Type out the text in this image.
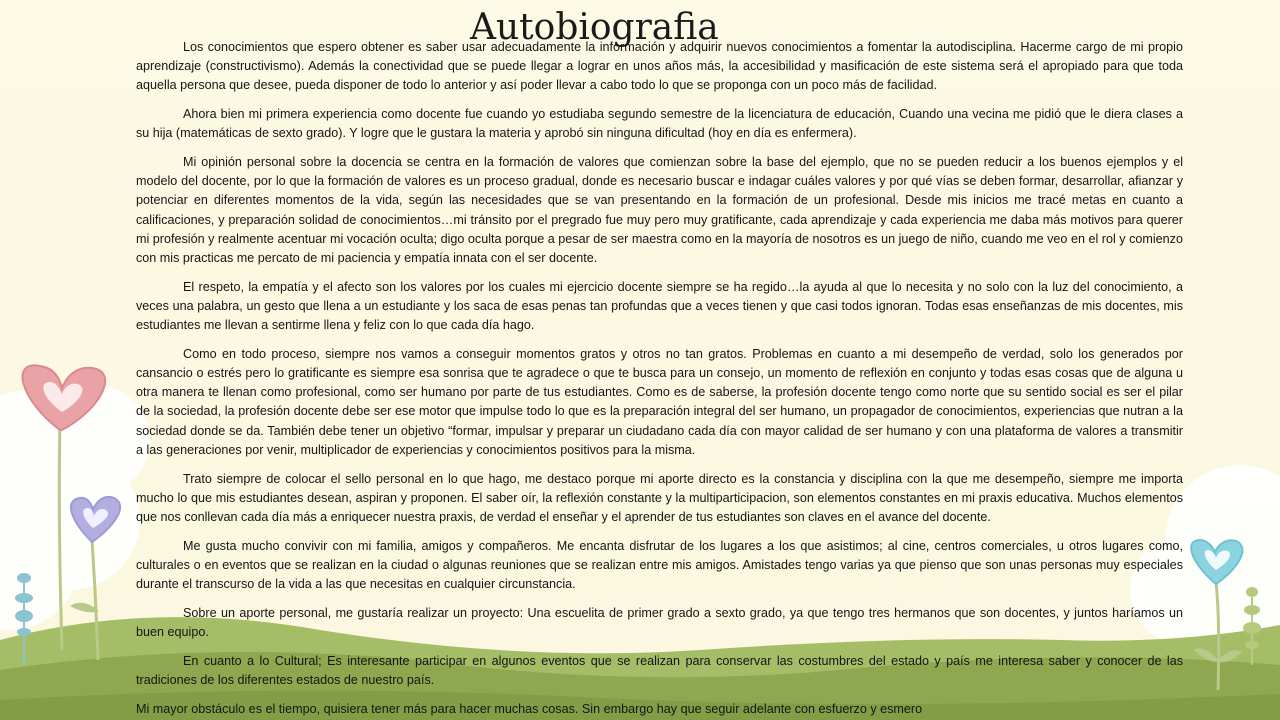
Autobiografia

Los conocimientos que espero obtener es saber usar adecuadamente la información y adquirir nuevos conocimientos a fomentar la autodisciplina. Hacerme cargo de mi propio aprendizaje (constructivismo). Además la conectividad que se puede llegar a lograr en unos años más, la accesibilidad y masificación de este sistema será el apropiado para que toda aquella persona que desee, pueda disponer de todo lo anterior y así poder llevar a cabo todo lo que se proponga con un poco más de facilidad.

Ahora bien mi primera experiencia como docente fue cuando yo estudiaba segundo semestre de la licenciatura de educación, Cuando una vecina me pidió que le diera clases a su hija (matemáticas de sexto grado). Y logre que le gustara la materia y aprobó sin ninguna dificultad (hoy en día es enfermera).

Mi opinión personal sobre la docencia se centra en la formación de valores que comienzan sobre la base del ejemplo, que no se pueden reducir a los buenos ejemplos y el modelo del docente, por lo que la formación de valores es un proceso gradual, donde es necesario buscar e indagar cuáles valores y por qué vías se deben formar, desarrollar, afianzar y potenciar en diferentes momentos de la vida, según las necesidades que se van presentando en la formación de un profesional. Desde mis inicios me tracé metas en cuanto a calificaciones, y preparación solidad de conocimientos…mi tránsito por el pregrado fue muy pero muy gratificante, cada aprendizaje y cada experiencia me daba más motivos para querer mi profesión y realmente acentuar mi vocación oculta; digo oculta porque a pesar de ser maestra como en la mayoría de nosotros es un juego de niño, cuando me veo en el rol y comienzo con mis practicas me percato de mi paciencia y empatía innata con el ser docente.

El respeto, la empatía y el afecto son los valores por los cuales mi ejercicio docente siempre se ha regido…la ayuda al que lo necesita y no solo con la luz del conocimiento, a veces una palabra, un gesto que llena a un estudiante y los saca de esas penas tan profundas que a veces tienen y que casi todos ignoran. Todas esas enseñanzas de mis docentes, mis estudiantes me llevan a sentirme llena y feliz con lo que cada día hago.

Como en todo proceso, siempre nos vamos a conseguir momentos gratos y otros no tan gratos. Problemas en cuanto a mi desempeño de verdad, solo los generados por cansancio o estrés pero lo gratificante es siempre esa sonrisa que te agradece o que te busca para un consejo, un momento de reflexión en conjunto y todas esas cosas que de alguna u otra manera te llenan como profesional, como ser humano por parte de tus estudiantes. Como es de saberse, la profesión docente tengo como norte que su sentido social es ser el pilar de la sociedad, la profesión docente debe ser ese motor que impulse todo lo que es la preparación integral del ser humano, un propagador de conocimientos, experiencias que nutran a la sociedad donde se da. También debe tener un objetivo “formar, impulsar y preparar un ciudadano cada día con mayor calidad de ser humano y con una plataforma de valores a transmitir a las generaciones por venir, multiplicador de experiencias y conocimientos positivos para la misma.

Trato siempre de colocar el sello personal en lo que hago, me destaco porque mi aporte directo es la constancia y disciplina con la que me desempeño, siempre me importa mucho lo que mis estudiantes desean, aspiran y proponen. El saber oír, la reflexión constante y la multiparticipacion, son elementos constantes en mi praxis educativa. Muchos elementos que nos conllevan cada día más a enriquecer nuestra praxis, de verdad el enseñar y el aprender de tus estudiantes son claves en el avance del docente.

Me gusta mucho convivir con mi familia, amigos y compañeros. Me encanta disfrutar de los lugares a los que asistimos; al cine, centros comerciales, u otros lugares como, culturales o en eventos que se realizan en la ciudad o algunas reuniones que se realizan entre mis amigos. Amistades tengo varias ya que pienso que son unas personas muy especiales durante el transcurso de la vida a las que necesitas en cualquier circunstancia.

Sobre un aporte personal, me gustaría realizar un proyecto: Una escuelita de primer grado a sexto grado, ya que tengo tres hermanos que son docentes, y juntos haríamos un buen equipo.

En cuanto a lo Cultural; Es interesante participar en algunos eventos que se realizan para conservar las costumbres del estado y país me interesa saber y conocer de las tradiciones de los diferentes estados de nuestro país.

Mi mayor obstáculo es el tiempo, quisiera tener más para hacer muchas cosas. Sin embargo hay que seguir adelante con esfuerzo y esmero
